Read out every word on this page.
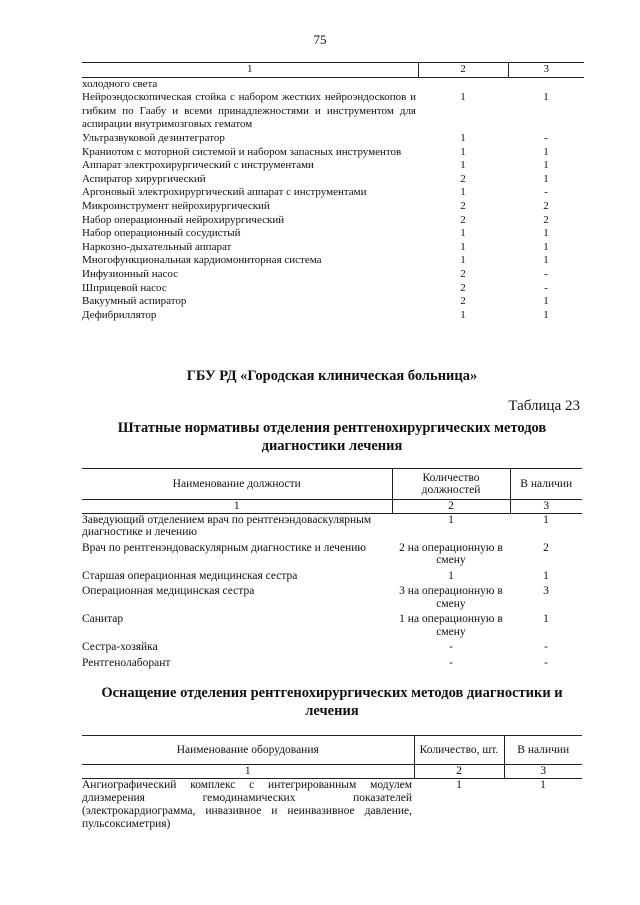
75
1	2	3
холодного света		
Нейроэндоскопическая стойка с набором жестких нейроэндоскопов и гибким по Гаабу и всеми принадлежностями и инструментом для аспирации внутримозговых гематом	1	1
Ультразвуковой дезинтегратор	1	-
Краниотом с моторной системой и набором запасных инструментов	1	1
Аппарат электрохирургический с инструментами	1	1
Аспиратор хирургический	2	1
Аргоновый электрохирургический аппарат с инструментами	1	-
Микроинструмент нейрохирургический	2	2
Набор операционный нейрохирургический	2	2
Набор операционный сосудистый	1	1
Наркозно-дыхательный аппарат	1	1
Многофункциональная кардиомониторная система	1	1
Инфузионный насос	2	-
Шприцевой насос	2	-
Вакуумный аспиратор	2	1
Дефибриллятор	1	1
ГБУ РД «Городская клиническая больница»
Таблица 23
Штатные нормативы отделения рентгенохирургических методов диагностики лечения
Наименование должности	Количество должностей	В наличии
1	2	3
Заведующий отделением врач по рентгенэндоваскулярным диагностике и лечению	1	1
Врач по рентгенэндоваскулярным диагностике и лечению	2 на операционную в смену	2
Старшая операционная медицинская сестра	1	1
Операционная медицинская сестра	3 на операционную в смену	3
Санитар	1 на операционную в смену	1
Сестра-хозяйка	-	-
Рентгенолаборант	-	-
Оснащение отделения рентгенохирургических методов диагностики и лечения
Наименование оборудования	Количество, шт.	В наличии
1	2	3
Ангиографический комплекс с интегрированным модулем длизмерения гемодинамических показателей (электрокардиограмма, инвазивное и неинвазивное давление, пульсоксиметрия)	1	1
